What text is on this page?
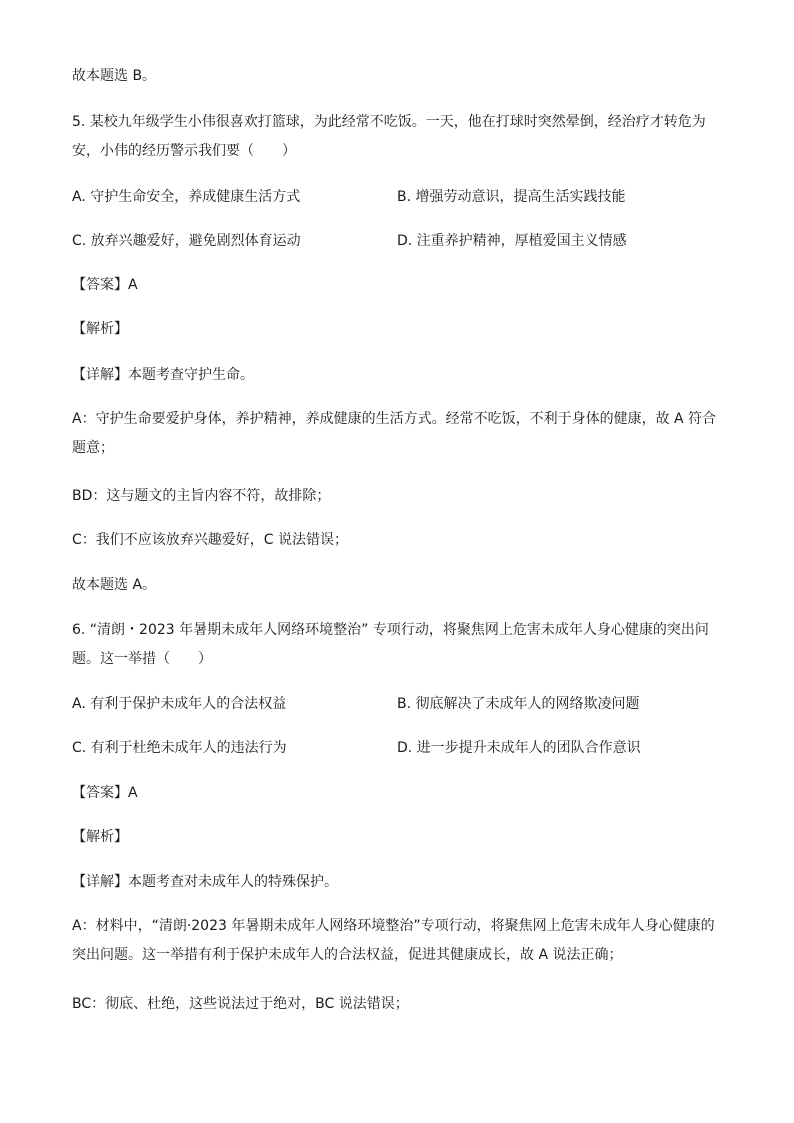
故本题选 B。
5. 某校九年级学生小伟很喜欢打篮球，为此经常不吃饭。一天，他在打球时突然晕倒，经治疗才转危为安，小伟的经历警示我们要（　　）
A. 守护生命安全，养成健康生活方式	B. 增强劳动意识，提高生活实践技能
C. 放弃兴趣爱好，避免剧烈体育运动	D. 注重养护精神，厚植爱国主义情感
【答案】A
【解析】
【详解】本题考查守护生命。
A：守护生命要爱护身体，养护精神，养成健康的生活方式。经常不吃饭，不利于身体的健康，故 A 符合题意；
BD：这与题文的主旨内容不符，故排除；
C：我们不应该放弃兴趣爱好，C 说法错误；
故本题选 A。
6. “清朗・2023 年暑期未成年人网络环境整治” 专项行动，将聚焦网上危害未成年人身心健康的突出问题。这一举措（　　）
A. 有利于保护未成年人的合法权益	B. 彻底解决了未成年人的网络欺凌问题
C. 有利于杜绝未成年人的违法行为	D. 进一步提升未成年人的团队合作意识
【答案】A
【解析】
【详解】本题考查对未成年人的特殊保护。
A：材料中，“清朗·2023 年暑期未成年人网络环境整治”专项行动，将聚焦网上危害未成年人身心健康的突出问题。这一举措有利于保护未成年人的合法权益，促进其健康成长，故 A 说法正确；
BC：彻底、杜绝，这些说法过于绝对，BC 说法错误；
